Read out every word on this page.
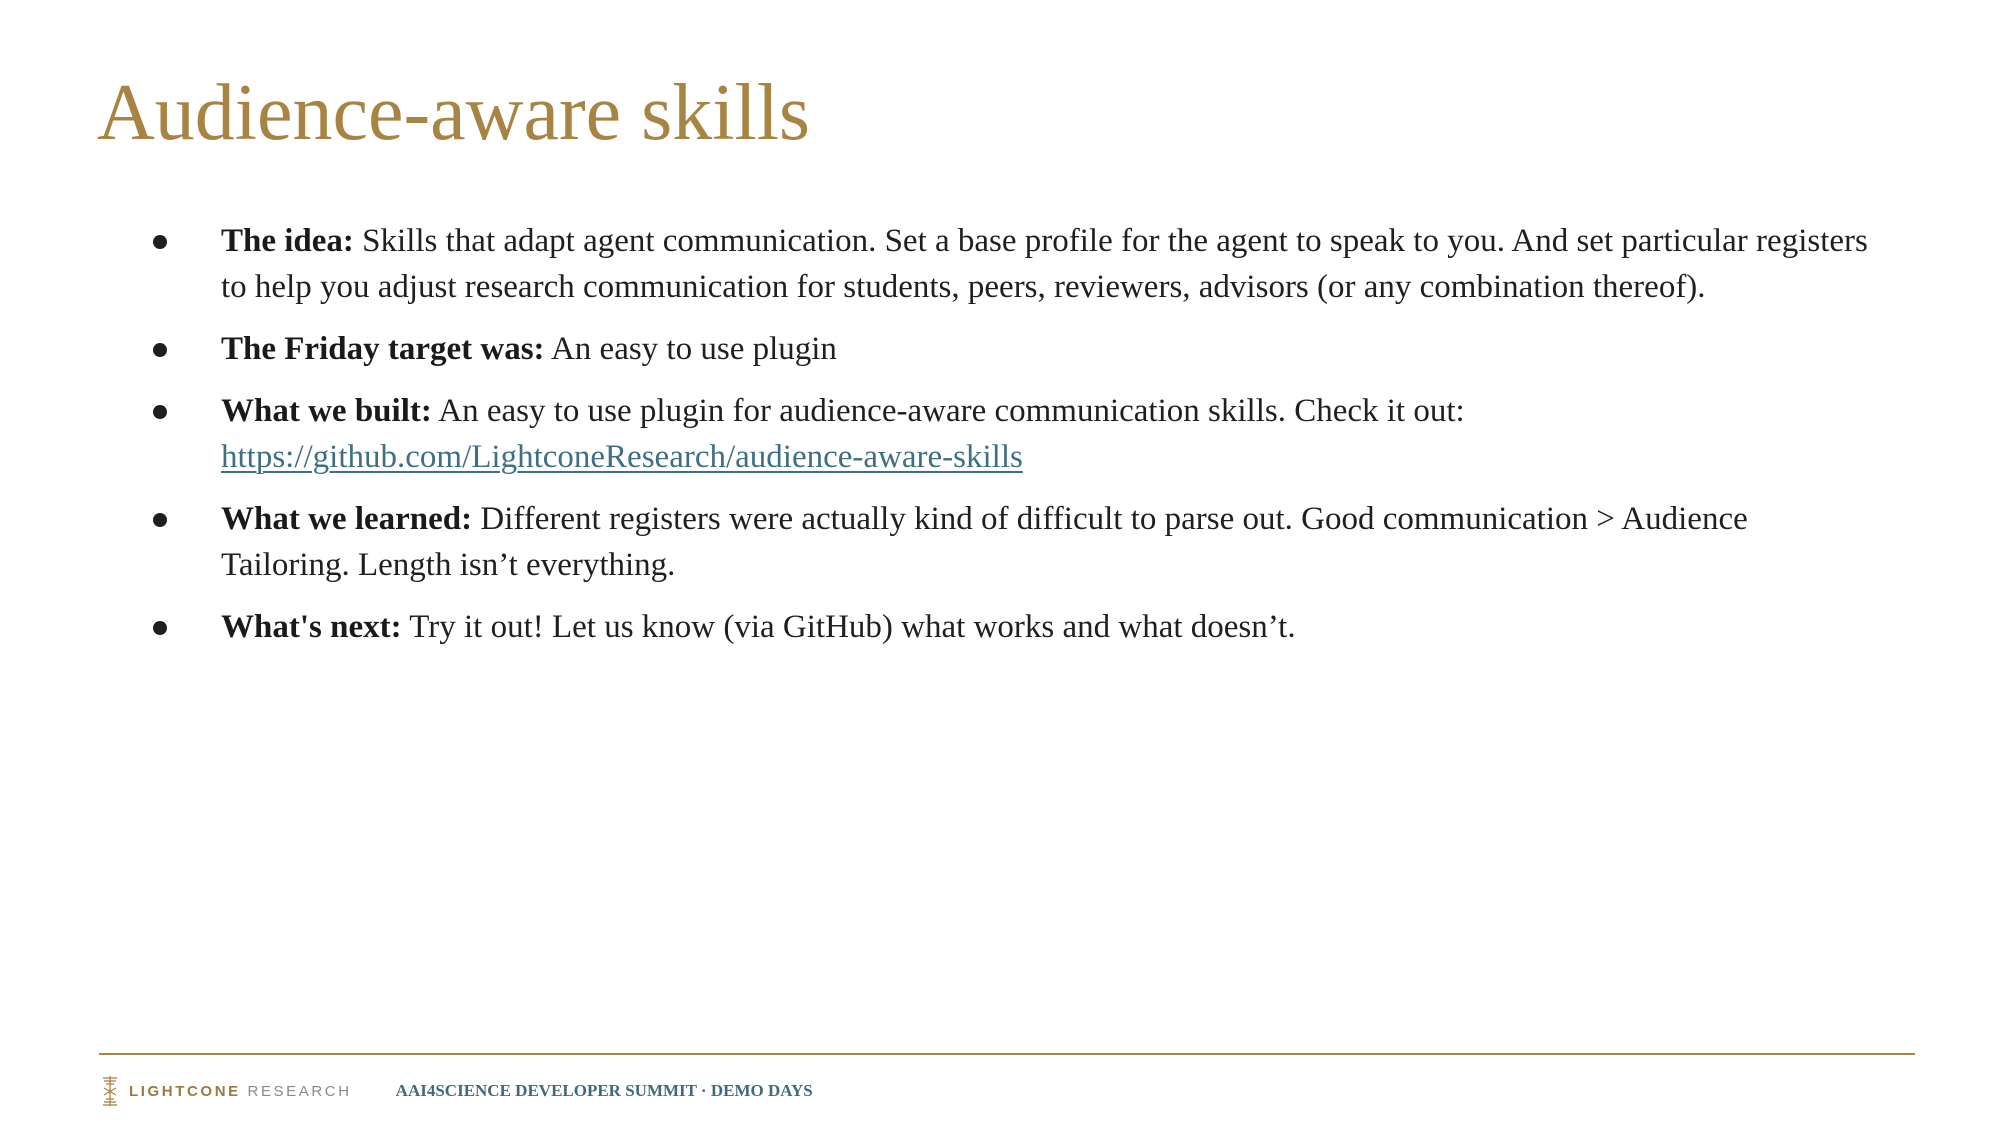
Audience-aware skills
The idea: Skills that adapt agent communication. Set a base profile for the agent to speak to you. And set particular registers to help you adjust research communication for students, peers, reviewers, advisors (or any combination thereof).
The Friday target was: An easy to use plugin
What we built: An easy to use plugin for audience-aware communication skills. Check it out:
https://github.com/LightconeResearch/audience-aware-skills
What we learned: Different registers were actually kind of difficult to parse out. Good communication > Audience Tailoring. Length isn’t everything.
What's next: Try it out! Let us know (via GitHub) what works and what doesn’t.
LIGHTCONE RESEARCH	AAI4SCIENCE DEVELOPER SUMMIT · DEMO DAYS
